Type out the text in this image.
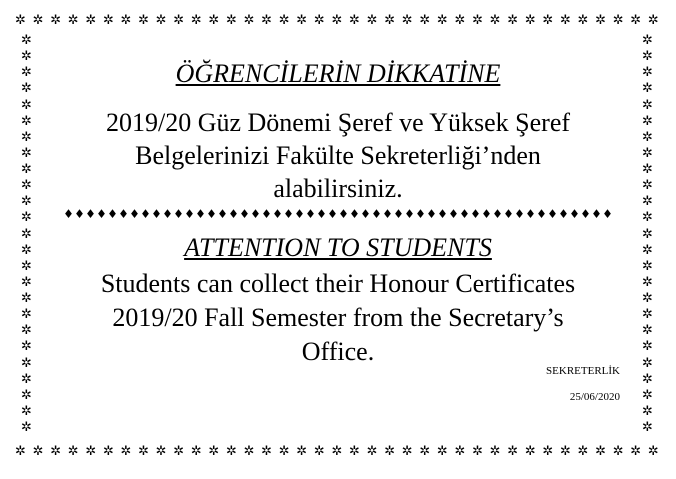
✲ ✲ ✲ ✲ ✲ ✲ ✲ ✲ ✲ ✲ ✲ ✲ ✲ ✲ ✲ ✲ ✲ ✲ ✲ ✲ ✲ ✲ ✲ ✲ ✲ ✲ ✲ ✲ ✲ ✲ ✲ ✲ ✲ ✲ ✲ ✲ ✲
✲
✲
✲
✲
✲
✲
✲
✲
✲
✲
✲
✲
✲
✲
✲
✲
✲
✲
✲
✲
✲
✲
✲
✲
✲
✲
✲
✲
✲
✲
✲
✲
✲
✲
✲
✲
✲
✲
✲
✲
✲
✲
✲
✲
✲
✲
✲
✲
✲
✲
✲ ✲ ✲ ✲ ✲ ✲ ✲ ✲ ✲ ✲ ✲ ✲ ✲ ✲ ✲ ✲ ✲ ✲ ✲ ✲ ✲ ✲ ✲ ✲ ✲ ✲ ✲ ✲ ✲ ✲ ✲ ✲ ✲ ✲ ✲ ✲ ✲
ÖĞRENCİLERİN DİKKATİNE
2019/20 Güz Dönemi Şeref ve Yüksek Şeref
Belgelerinizi Fakülte Sekreterliği’nden
alabilirsiniz.
♦ ♦ ♦ ♦ ♦ ♦ ♦ ♦ ♦ ♦ ♦ ♦ ♦ ♦ ♦ ♦ ♦ ♦ ♦ ♦ ♦ ♦ ♦ ♦ ♦ ♦ ♦ ♦ ♦ ♦ ♦ ♦ ♦ ♦ ♦ ♦ ♦ ♦ ♦ ♦ ♦ ♦ ♦ ♦ ♦ ♦ ♦ ♦ ♦ ♦
ATTENTION TO STUDENTS
Students can collect their Honour Certificates
2019/20 Fall Semester from the Secretary’s
Office.
SEKRETERLİK
25/06/2020
